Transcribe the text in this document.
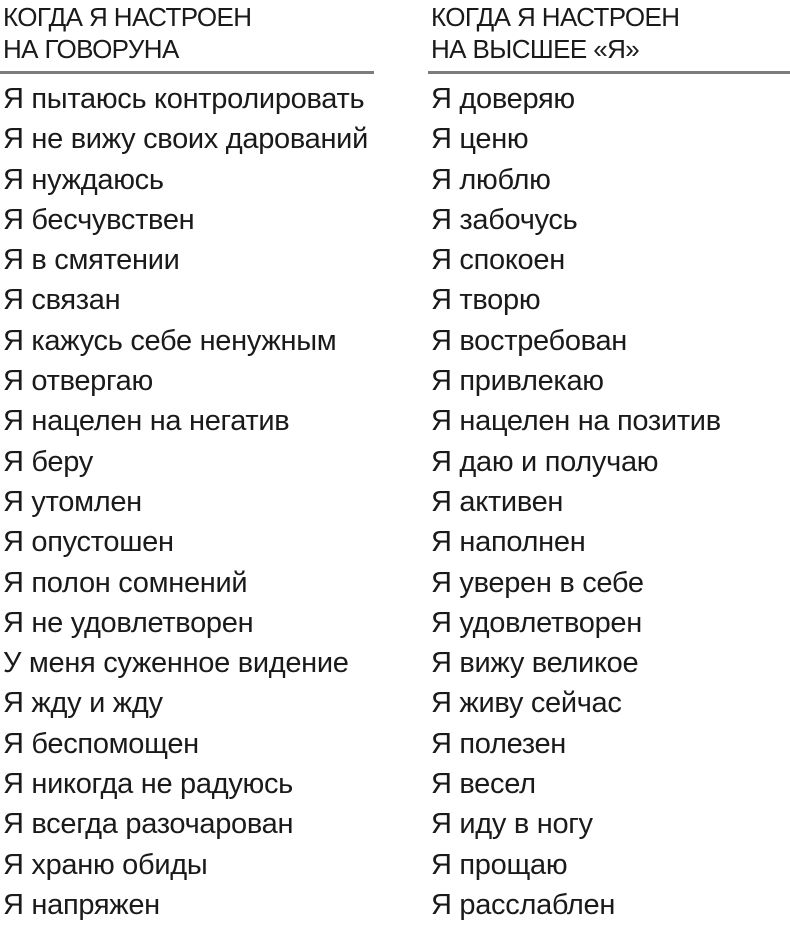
КОГДА Я НАСТРОЕН
НА ГОВОРУНА
Я пытаюсь контролировать
Я не вижу своих дарований
Я нуждаюсь
Я бесчувствен
Я в смятении
Я связан
Я кажусь себе ненужным
Я отвергаю
Я нацелен на негатив
Я беру
Я утомлен
Я опустошен
Я полон сомнений
Я не удовлетворен
У меня суженное видение
Я жду и жду
Я беспомощен
Я никогда не радуюсь
Я всегда разочарован
Я храню обиды
Я напряжен
КОГДА Я НАСТРОЕН
НА ВЫСШЕЕ «Я»
Я доверяю
Я ценю
Я люблю
Я забочусь
Я спокоен
Я творю
Я востребован
Я привлекаю
Я нацелен на позитив
Я даю и получаю
Я активен
Я наполнен
Я уверен в себе
Я удовлетворен
Я вижу великое
Я живу сейчас
Я полезен
Я весел
Я иду в ногу
Я прощаю
Я расслаблен
